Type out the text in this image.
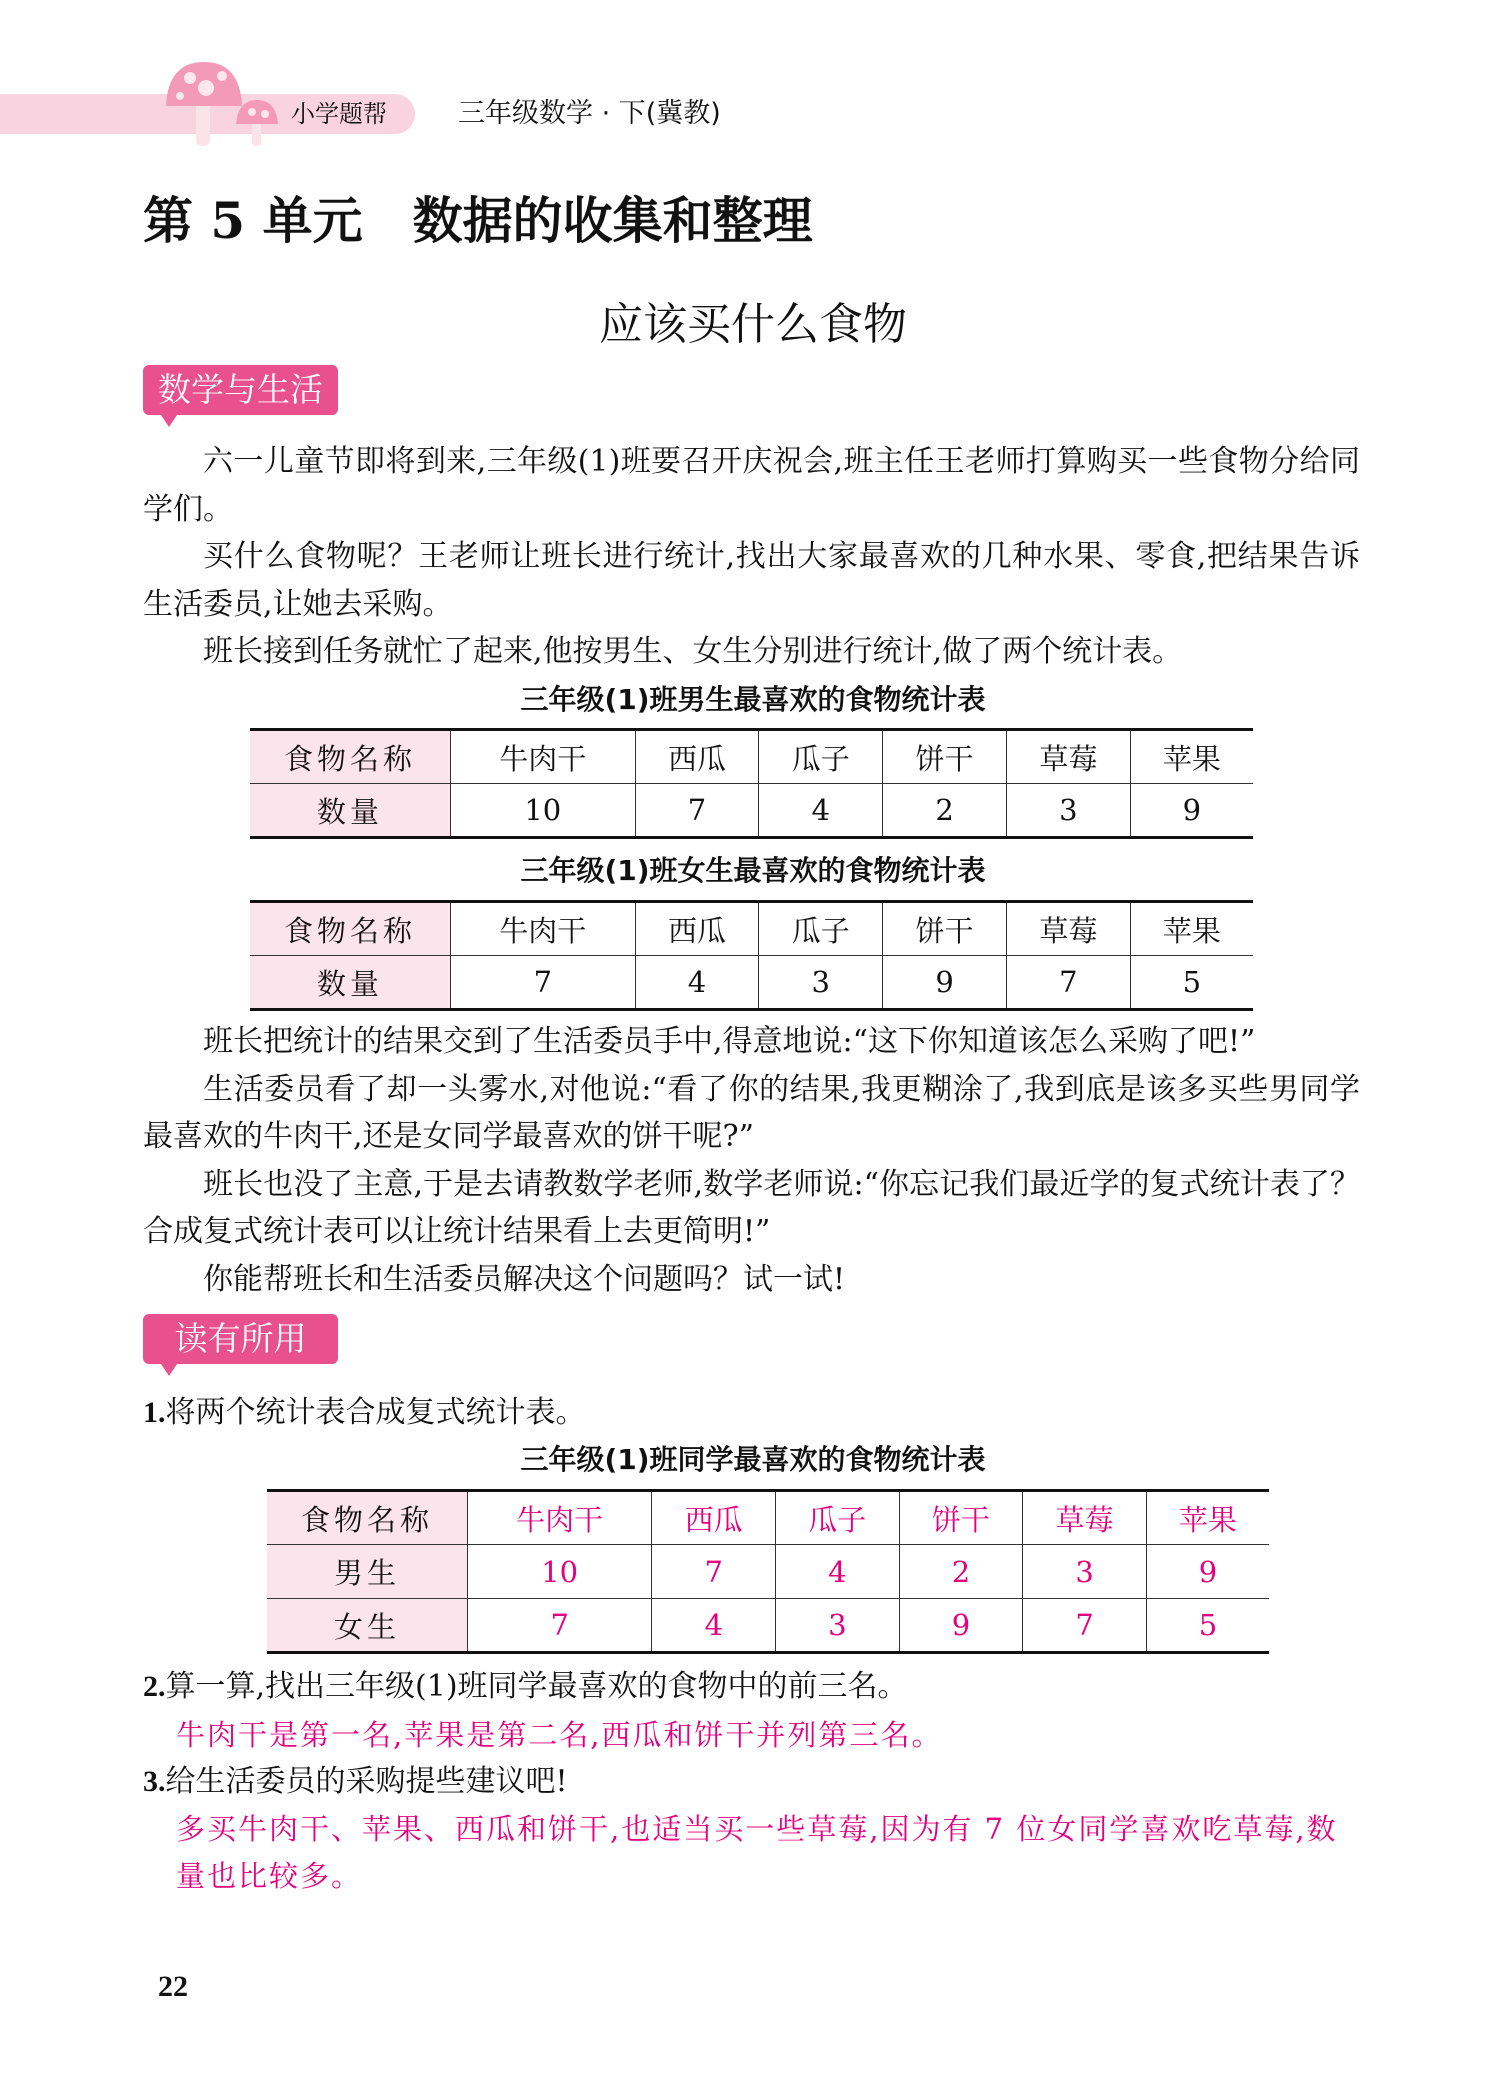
小学题帮	三年级数学 · 下(冀教)
第 5 单元　数据的收集和整理
应该买什么食物
数学与生活

六一儿童节即将到来,三年级(1)班要召开庆祝会,班主任王老师打算购买一些食物分给同学们。

买什么食物呢？王老师让班长进行统计,找出大家最喜欢的几种水果、零食,把结果告诉生活委员,让她去采购。

班长接到任务就忙了起来,他按男生、女生分别进行统计,做了两个统计表。

三年级(1)班男生最喜欢的食物统计表
食物名称	牛肉干	西瓜	瓜子	饼干	草莓	苹果
数量	10	7	4	2	3	9
三年级(1)班女生最喜欢的食物统计表
食物名称	牛肉干	西瓜	瓜子	饼干	草莓	苹果
数量	7	4	3	9	7	5

班长把统计的结果交到了生活委员手中,得意地说:“这下你知道该怎么采购了吧!”

生活委员看了却一头雾水,对他说:“看了你的结果,我更糊涂了,我到底是该多买些男同学最喜欢的牛肉干,还是女同学最喜欢的饼干呢?”

班长也没了主意,于是去请教数学老师,数学老师说:“你忘记我们最近学的复式统计表了？合成复式统计表可以让统计结果看上去更简明!”

你能帮班长和生活委员解决这个问题吗？试一试!

读有所用
1.将两个统计表合成复式统计表。
三年级(1)班同学最喜欢的食物统计表
食物名称	牛肉干	西瓜	瓜子	饼干	草莓	苹果
男生	10	7	4	2	3	9
女生	7	4	3	9	7	5
2.算一算,找出三年级(1)班同学最喜欢的食物中的前三名。
牛肉干是第一名,苹果是第二名,西瓜和饼干并列第三名。
3.给生活委员的采购提些建议吧!
多买牛肉干、苹果、西瓜和饼干,也适当买一些草莓,因为有 7 位女同学喜欢吃草莓,数量也比较多。
22
